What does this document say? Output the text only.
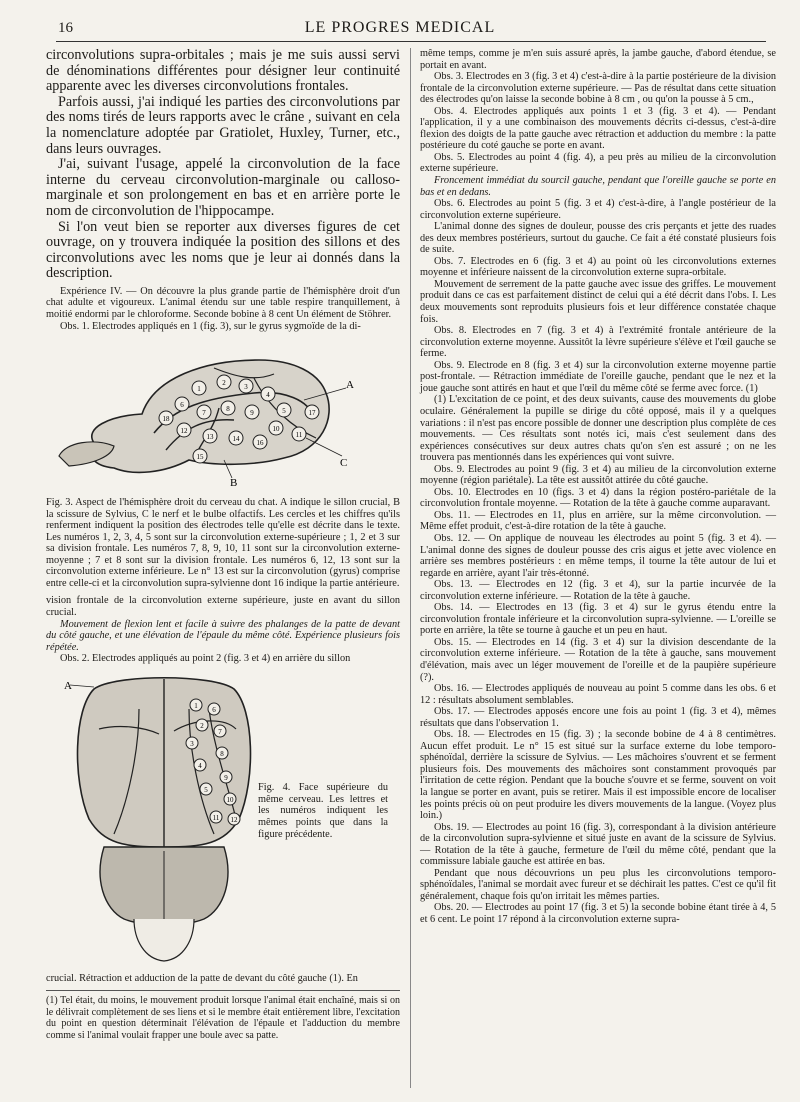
16	LE PROGRES MEDICAL

circonvolutions supra-orbitales ; mais je me suis aussi servi de dénominations différentes pour désigner leur continuité apparente avec les diverses circonvolutions frontales.

Parfois aussi, j'ai indiqué les parties des circonvolutions par des noms tirés de leurs rapports avec le crâne , suivant en cela la nomenclature adoptée par Gratiolet, Huxley, Turner, etc., dans leurs ouvrages.

J'ai, suivant l'usage, appelé la circonvolution de la face interne du cerveau circonvolution-marginale ou calloso-marginale et son prolongement en bas et en arrière porte le nom de circonvolution de l'hippocampe.

Si l'on veut bien se reporter aux diverses figures de cet ouvrage, on y trouvera indiquée la position des sillons et des circonvolutions avec les noms que je leur ai donnés dans la description.

Expérience IV. — On découvre la plus grande partie de l'hémisphère droit d'un chat adulte et vigoureux. L'animal étendu sur une table respire tranquillement, à moitié endormi par le chloroforme. Seconde bobine à 8 cent Un élément de Stöhrer.

Obs. 1. Electrodes appliqués en 1 (fig. 3), sur le gyrus sygmoïde de la di-

A
C
B
1
2	3
4
5
6
7	8	9
10
11
12
13	14
15
16
17
18

Fig. 3. Aspect de l'hémisphère droit du cerveau du chat. A indique le sillon crucial, B la scissure de Sylvius, C le nerf et le bulbe olfactifs. Les cercles et les chiffres qu'ils renferment indiquent la position des électrodes telle qu'elle est décrite dans le texte. Les numéros 1, 2, 3, 4, 5 sont sur la circonvolution externe-supérieure ; 1, 2 et 3 sur sa division frontale. Les numéros 7, 8, 9, 10, 11 sont sur la circonvolution externe-moyenne ; 7 et 8 sont sur la division frontale. Les numéros 6, 12, 13 sont sur la circonvolution externe inférieure. Le n° 13 est sur la circonvolution (gyrus) comprise entre celle-ci et la circonvolution supra-sylvienne dont 16 indique la partie antérieure.

vision frontale de la circonvolution externe supérieure, juste en avant du sillon crucial.

Mouvement de flexion lent et facile à suivre des phalanges de la patte de devant du côté gauche, et une élévation de l'épaule du même côté. Expérience plusieurs fois répétée.

Obs. 2. Electrodes appliqués au point 2 (fig. 3 et 4) en arrière du sillon

A
1
2
3
4
5
6
7
8
9
10
11 12
Fig. 4. Face supérieure du même cerveau. Les lettres et les numéros indiquent les mêmes points que dans la figure précédente.

crucial. Rétraction et adduction de la patte de devant du côté gauche (1). En

(1) Tel était, du moins, le mouvement produit lorsque l'animal était enchaîné, mais si on le délivrait complètement de ses liens et si le membre était entièrement libre, l'excitation du point en question déterminait l'élévation de l'épaule et l'adduction du membre comme si l'animal voulait frapper une boule avec sa patte.

même temps, comme je m'en suis assuré après, la jambe gauche, d'abord étendue, se portait en avant.

Obs. 3. Electrodes en 3 (fig. 3 et 4) c'est-à-dire à la partie postérieure de la division frontale de la circonvolution externe supérieure. — Pas de résultat dans cette situation des électrodes qu'on laisse la seconde bobine à 8 cm , ou qu'on la pousse à 5 cm.,

Obs. 4. Electrodes appliqués aux points 1 et 3 (fig. 3 et 4). — Pendant l'application, il y a une combinaison des mouvements décrits ci-dessus, c'est-à-dire flexion des doigts de la patte gauche avec rétraction et adduction du membre : la patte postérieure du coté gauche se porte en avant.

Obs. 5. Electrodes au point 4 (fig. 4), a peu près au milieu de la circonvolution externe supérieure.

Froncement immédiat du sourcil gauche, pendant que l'oreille gauche se porte en bas et en dedans.

Obs. 6. Electrodes au point 5 (fig. 3 et 4) c'est-à-dire, à l'angle postérieur de la circonvolution externe supérieure.

L'animal donne des signes de douleur, pousse des cris perçants et jette des ruades des deux membres postérieurs, surtout du gauche. Ce fait a été constaté plusieurs fois de suite.

Obs. 7. Electrodes en 6 (fig. 3 et 4) au point où les circonvolutions externes moyenne et inférieure naissent de la circonvolution externe supra-orbitale.

Mouvement de serrement de la patte gauche avec issue des griffes. Le mouvement produit dans ce cas est parfaitement distinct de celui qui a été décrit dans l'obs. I. Les deux mouvements sont reproduits plusieurs fois et leur différence constatée chaque fois.

Obs. 8. Electrodes en 7 (fig. 3 et 4) à l'extrémité frontale antérieure de la circonvolution externe moyenne. Aussitôt la lèvre supérieure s'élève et l'œil gauche se ferme.

Obs. 9. Electrode en 8 (fig. 3 et 4) sur la circonvolution externe moyenne partie post-frontale. — Rétraction immédiate de l'oreille gauche, pendant que le nez et la joue gauche sont attirés en haut et que l'œil du même côté se ferme avec force. (1)

(1) L'excitation de ce point, et des deux suivants, cause des mouvements du globe oculaire. Généralement la pupille se dirige du côté opposé, mais il y a quelques variations : il n'est pas encore possible de donner une description plus complète de ces mouvements. — Ces résultats sont notés ici, mais c'est seulement dans des expériences consécutives sur deux autres chats qu'on s'en est assuré ; on ne les trouvera pas mentionnés dans les expériences qui vont suivre.

Obs. 9. Electrodes au point 9 (fig. 3 et 4) au milieu de la circonvolution externe moyenne (région pariétale). La tête est aussitôt attirée du côté gauche.

Obs. 10. Electrodes en 10 (figs. 3 et 4) dans la région postéro-pariétale de la circonvolution frontale moyenne. — Rotation de la tête à gauche comme auparavant.

Obs. 11. — Electrodes en 11, plus en arrière, sur la même circonvolution. — Même effet produit, c'est-à-dire rotation de la tête à gauche.

Obs. 12. — On applique de nouveau les électrodes au point 5 (fig. 3 et 4). — L'animal donne des signes de douleur pousse des cris aigus et jette avec violence en arrière ses membres postérieurs : en même temps, il tourne la tête autour de lui et regarde en arrière, ayant l'air très-étonné.

Obs. 13. — Electrodes en 12 (fig. 3 et 4), sur la partie incurvée de la circonvolution externe inférieure. — Rotation de la tête à gauche.

Obs. 14. — Electrodes en 13 (fig. 3 et 4) sur le gyrus étendu entre la circonvolution frontale inférieure et la circonvolution supra-sylvienne. — L'oreille se porte en arrière, la tête se tourne à gauche et un peu en haut.

Obs. 15. — Electrodes en 14 (fig. 3 et 4) sur la division descendante de la circonvolution externe inférieure. — Rotation de la tête à gauche, sans mouvement d'élévation, mais avec un léger mouvement de l'oreille et de la paupière supérieure (?).

Obs. 16. — Electrodes appliqués de nouveau au point 5 comme dans les obs. 6 et 12 : résultats absolument semblables.

Obs. 17. — Electrodes apposés encore une fois au point 1 (fig. 3 et 4), mêmes résultats que dans l'observation 1.

Obs. 18. — Electrodes en 15 (fig. 3) ; la seconde bobine de 4 à 8 centimètres. Aucun effet produit. Le n° 15 est situé sur la surface externe du lobe temporo-sphénoïdal, derrière la scissure de Sylvius. — Les mâchoires s'ouvrent et se ferment plusieurs fois. Des mouvements des mâchoires sont constamment provoqués par l'irritation de cette région. Pendant que la bouche s'ouvre et se ferme, souvent on voit la langue se porter en avant, puis se retirer. Mais il est impossible encore de localiser les points précis où on peut produire les divers mouvements de la langue. (Voyez plus loin.)

Obs. 19. — Electrodes au point 16 (fig. 3), correspondant à la division antérieure de la circonvolution supra-sylvienne et situé juste en avant de la scissure de Sylvius. — Rotation de la tête à gauche, fermeture de l'œil du même côté, pendant que la commissure labiale gauche est attirée en bas.

Pendant que nous découvrions un peu plus les circonvolutions temporo-sphénoïdales, l'animal se mordait avec fureur et se déchirait les pattes. C'est ce qu'il fit généralement, chaque fois qu'on irritait les mêmes parties.

Obs. 20. — Electrodes au point 17 (fig. 3 et 5) la seconde bobine étant tirée à 4, 5 et 6 cent. Le point 17 répond à la circonvolution externe supra-
